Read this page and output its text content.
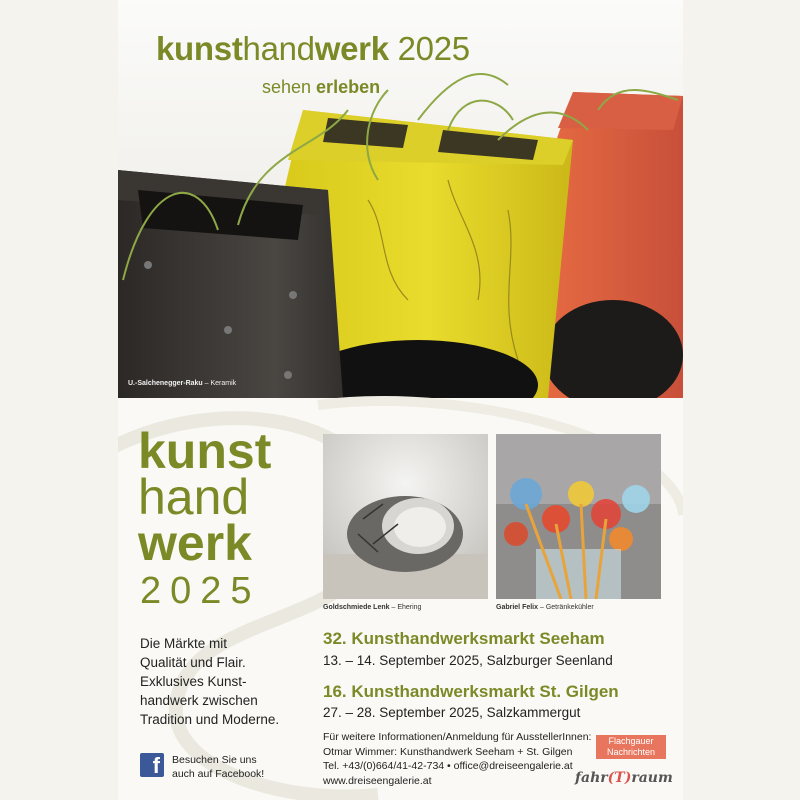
kunsthandwerk 2025
sehen erleben
U.-Salchenegger-Raku – Keramik
kunst
hand
werk
2025	Goldschmiede Lenk – Ehering	Gabriel Felix – Getränkekühler
Die Märkte mit
Qualität und Flair.
Exklusives Kunst-
handwerk zwischen
Tradition und Moderne.
32. Kunsthandwerksmarkt Seeham
13. – 14. September 2025, Salzburger Seenland
16. Kunsthandwerksmarkt St. Gilgen
27. – 28. September 2025, Salzkammergut
Für weitere Informationen/Anmeldung für AusstellerInnen:
Otmar Wimmer: Kunsthandwerk Seeham + St. Gilgen
Tel. +43/(0)664/41-42-734 • office@dreiseengalerie.at
www.dreiseengalerie.at
f Besuchen Sie uns
auch auf Facebook!
Flachgauer
Nachrichten
fahr(T)raum
